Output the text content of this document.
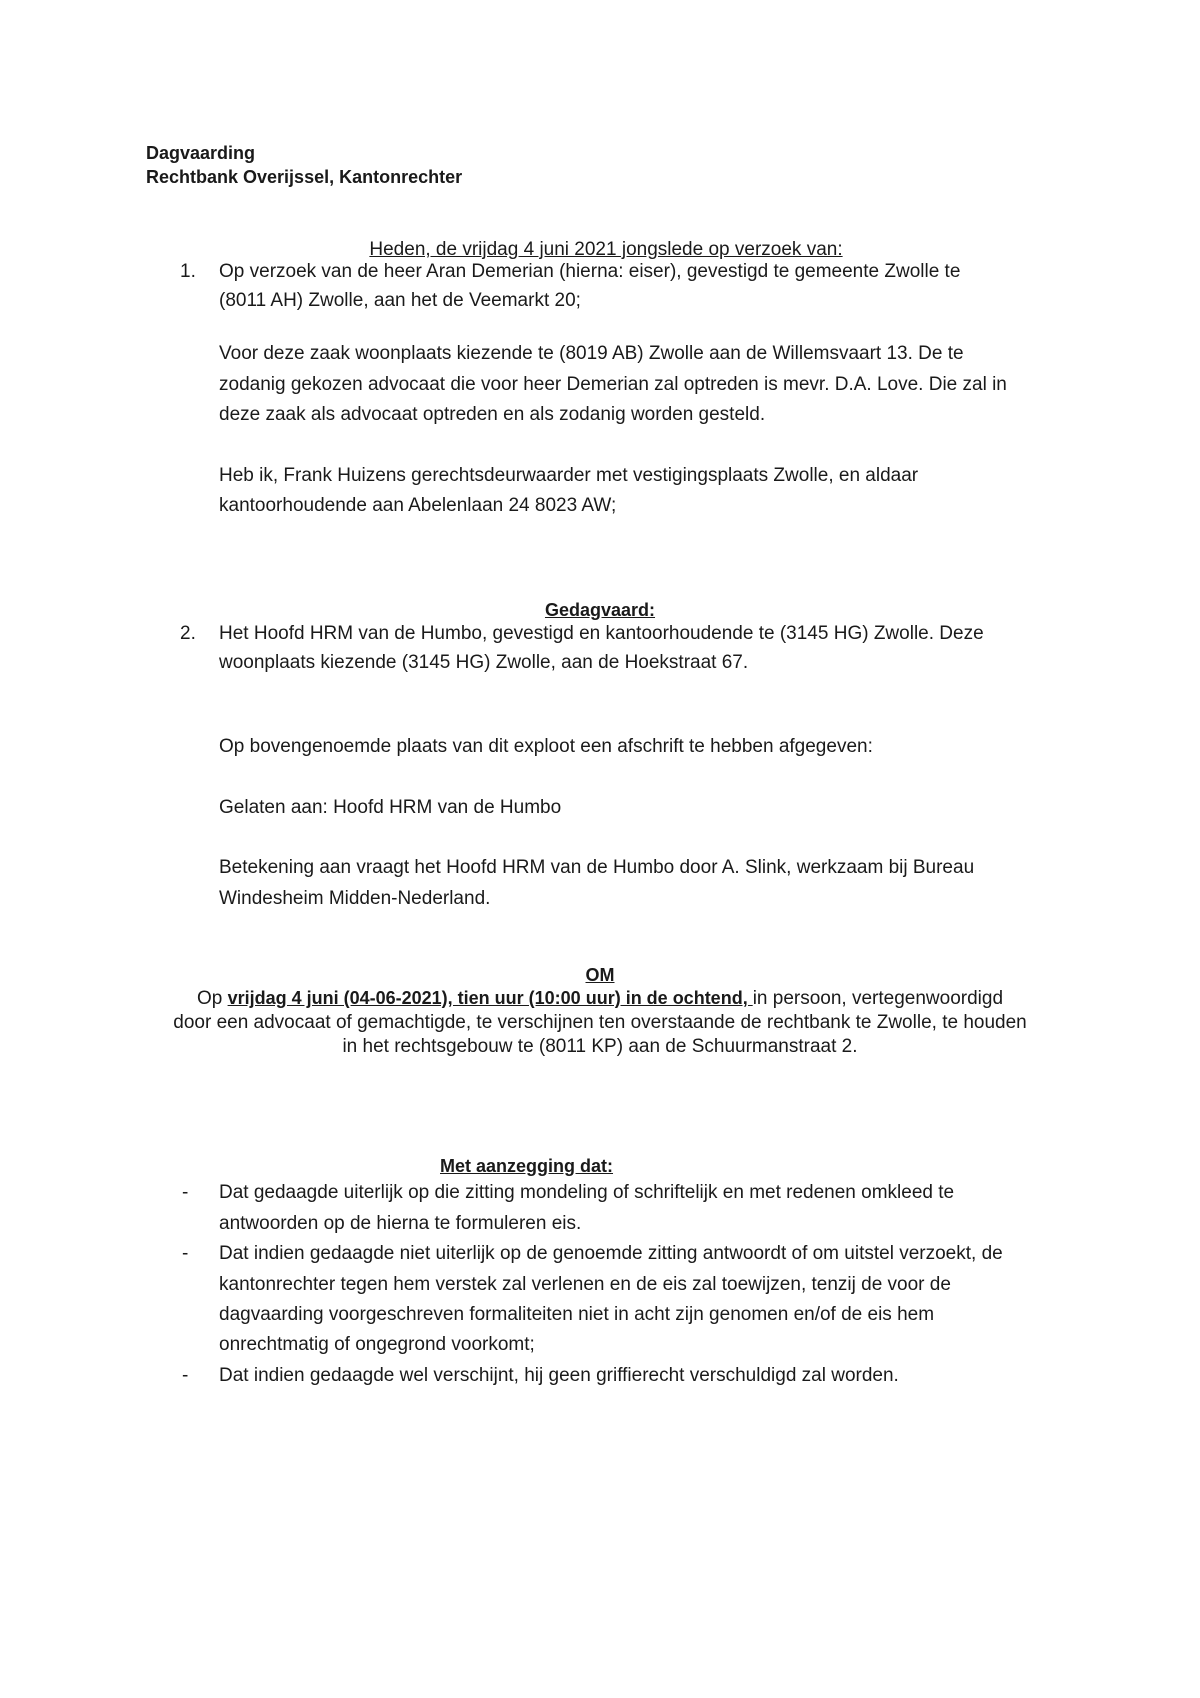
Dagvaarding
Rechtbank Overijssel, Kantonrechter
Heden, de vrijdag 4 juni 2021 jongslede op verzoek van:
1. Op verzoek van de heer Aran Demerian (hierna: eiser), gevestigd te gemeente Zwolle te
(8011 AH) Zwolle, aan het de Veemarkt 20;
Voor deze zaak woonplaats kiezende te (8019 AB) Zwolle aan de Willemsvaart 13. De te
zodanig gekozen advocaat die voor heer Demerian zal optreden is mevr. D.A. Love. Die zal in
deze zaak als advocaat optreden en als zodanig worden gesteld.
Heb ik, Frank Huizens gerechtsdeurwaarder met vestigingsplaats Zwolle, en aldaar
kantoorhoudende aan Abelenlaan 24 8023 AW;
Gedagvaard:
2. Het Hoofd HRM van de Humbo, gevestigd en kantoorhoudende te (3145 HG) Zwolle. Deze
woonplaats kiezende (3145 HG) Zwolle, aan de Hoekstraat 67.
Op bovengenoemde plaats van dit exploot een afschrift te hebben afgegeven:
Gelaten aan: Hoofd HRM van de Humbo
Betekening aan vraagt het Hoofd HRM van de Humbo door A. Slink, werkzaam bij Bureau
Windesheim Midden-Nederland.
OM
Op vrijdag 4 juni (04-06-2021), tien uur (10:00 uur) in de ochtend, in persoon, vertegenwoordigd
door een advocaat of gemachtigde, te verschijnen ten overstaande de rechtbank te Zwolle, te houden
in het rechtsgebouw te (8011 KP) aan de Schuurmanstraat 2.
Met aanzegging dat:
- Dat gedaagde uiterlijk op die zitting mondeling of schriftelijk en met redenen omkleed te
antwoorden op de hierna te formuleren eis.
- Dat indien gedaagde niet uiterlijk op de genoemde zitting antwoordt of om uitstel verzoekt, de
kantonrechter tegen hem verstek zal verlenen en de eis zal toewijzen, tenzij de voor de
dagvaarding voorgeschreven formaliteiten niet in acht zijn genomen en/of de eis hem
onrechtmatig of ongegrond voorkomt;
- Dat indien gedaagde wel verschijnt, hij geen griffierecht verschuldigd zal worden.
